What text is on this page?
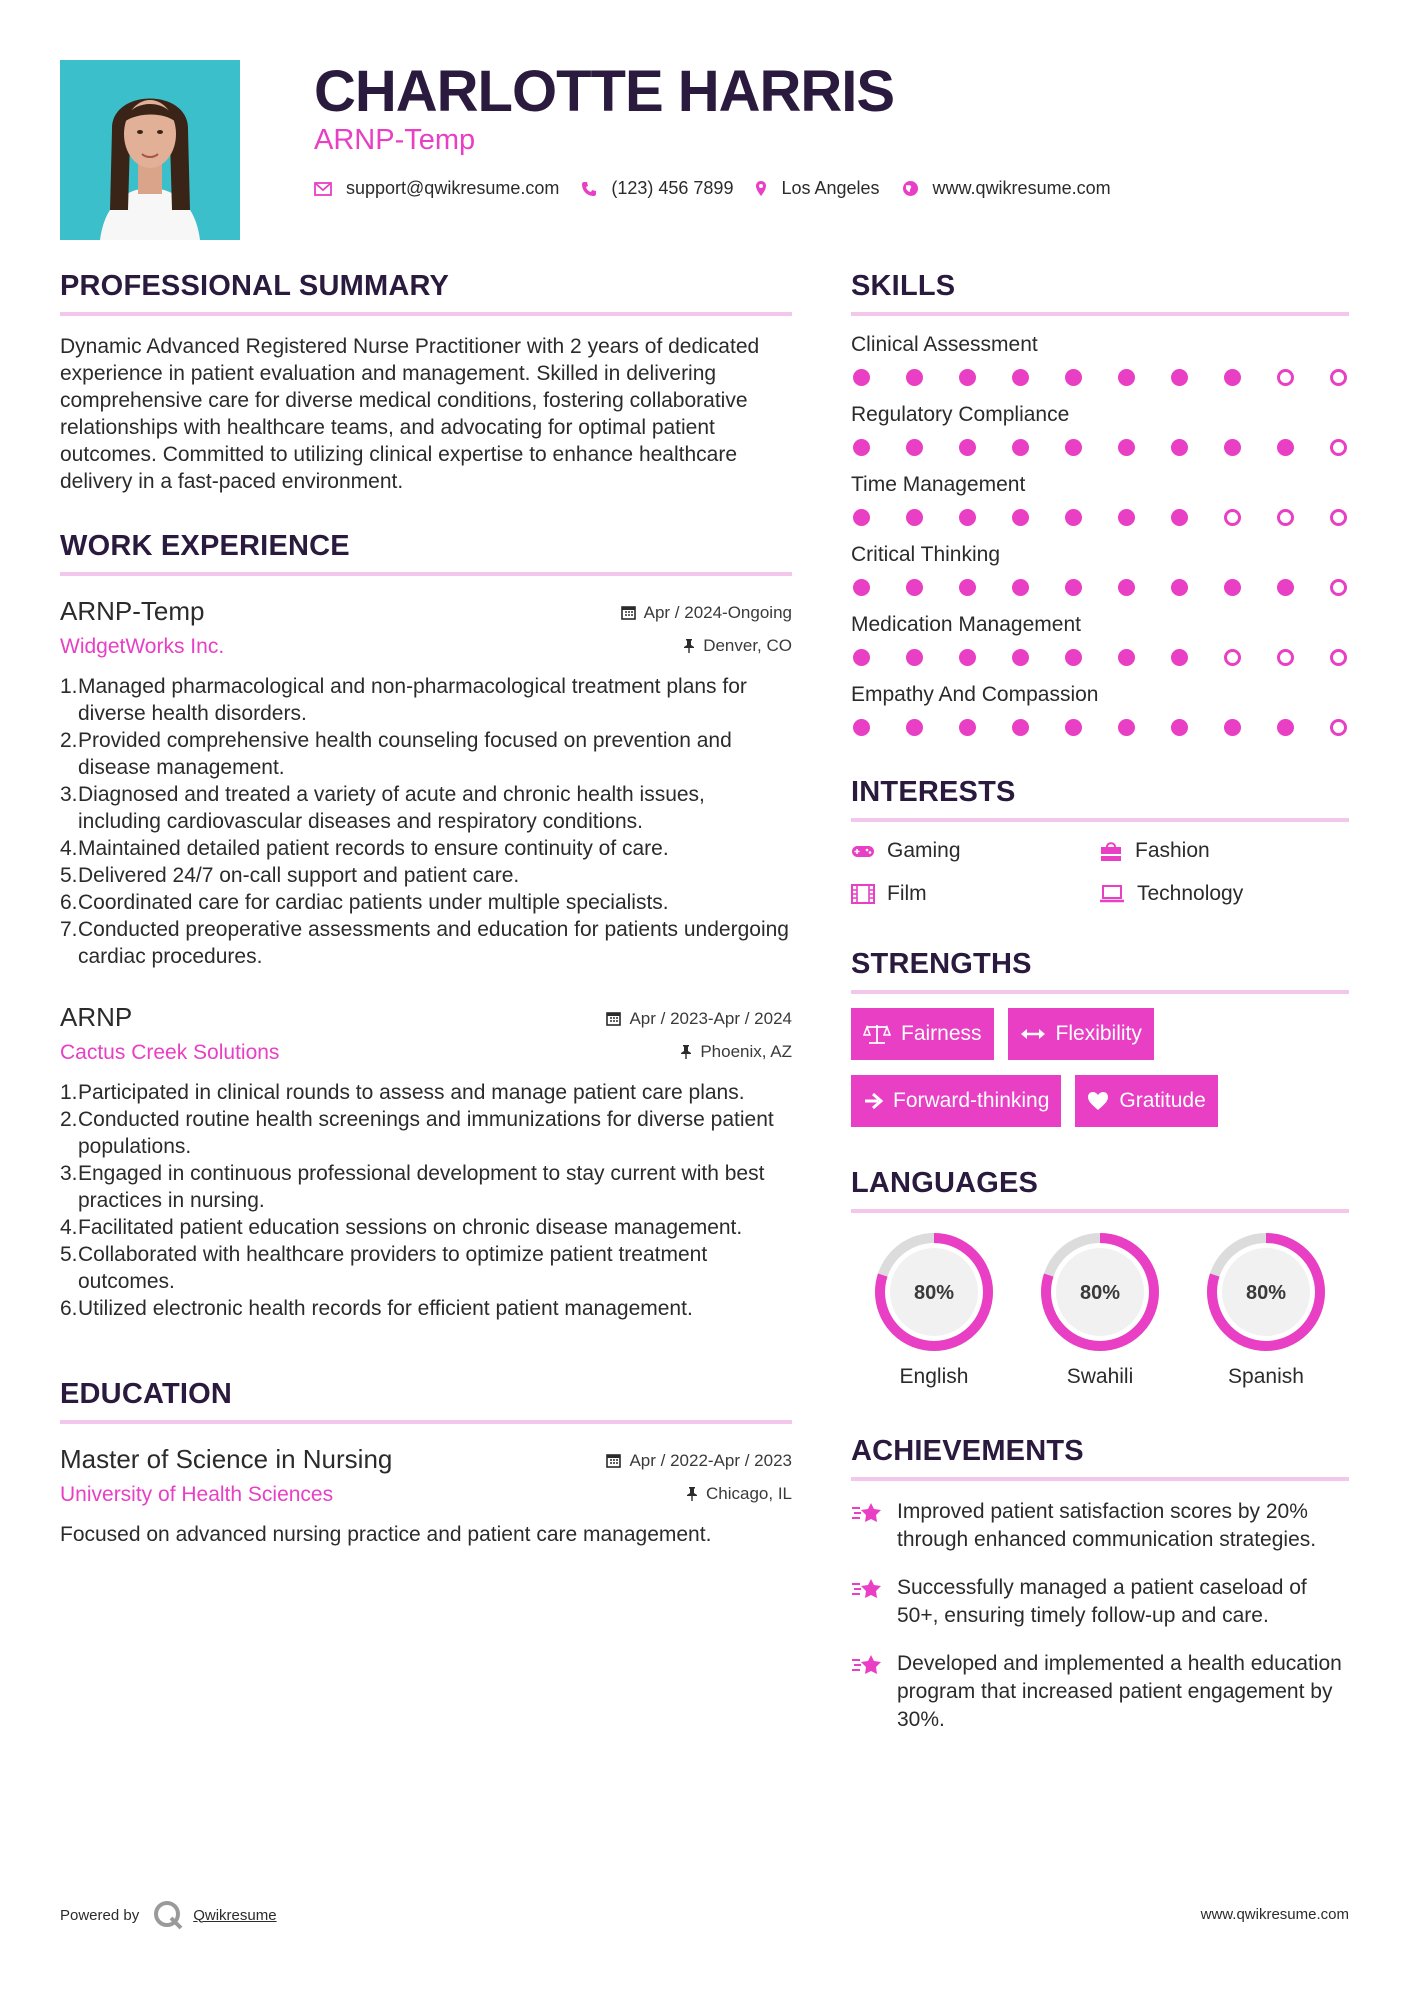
CHARLOTTE HARRIS
ARNP-Temp
support@qwikresume.com	(123) 456 7899	Los Angeles	www.qwikresume.com
PROFESSIONAL SUMMARY

Dynamic Advanced Registered Nurse Practitioner with 2 years of dedicated experience in patient evaluation and management. Skilled in delivering comprehensive care for diverse medical conditions, fostering collaborative relationships with healthcare teams, and advocating for optimal patient outcomes. Committed to utilizing clinical expertise to enhance healthcare delivery in a fast-paced environment.

WORK EXPERIENCE
ARNP-Temp	Apr / 2024-Ongoing
WidgetWorks Inc.	Denver, CO
1. Managed pharmacological and non-pharmacological treatment plans for diverse health disorders.
2. Provided comprehensive health counseling focused on prevention and disease management.
3. Diagnosed and treated a variety of acute and chronic health issues, including cardiovascular diseases and respiratory conditions.
4. Maintained detailed patient records to ensure continuity of care.
5. Delivered 24/7 on-call support and patient care.
6. Coordinated care for cardiac patients under multiple specialists.
7. Conducted preoperative assessments and education for patients undergoing cardiac procedures.
ARNP	Apr / 2023-Apr / 2024
Cactus Creek Solutions	Phoenix, AZ
1. Participated in clinical rounds to assess and manage patient care plans.
2. Conducted routine health screenings and immunizations for diverse patient populations.
3. Engaged in continuous professional development to stay current with best practices in nursing.
4. Facilitated patient education sessions on chronic disease management.
5. Collaborated with healthcare providers to optimize patient treatment outcomes.
6. Utilized electronic health records for efficient patient management.
EDUCATION
Master of Science in Nursing	Apr / 2022-Apr / 2023
University of Health Sciences	Chicago, IL

Focused on advanced nursing practice and patient care management.

SKILLS
Clinical Assessment
Regulatory Compliance
Time Management
Critical Thinking
Medication Management
Empathy And Compassion
INTERESTS
Gaming	Fashion
Film	Technology
STRENGTHS
Fairness	Flexibility
Forward-thinking	Gratitude
LANGUAGES
80%
English
80%
Swahili
80%
Spanish
ACHIEVEMENTS
Improved patient satisfaction scores by 20% through enhanced communication strategies.
Successfully managed a patient caseload of 50+, ensuring timely follow-up and care.
Developed and implemented a health education program that increased patient engagement by 30%.
Powered by	Qwikresume	www.qwikresume.com
